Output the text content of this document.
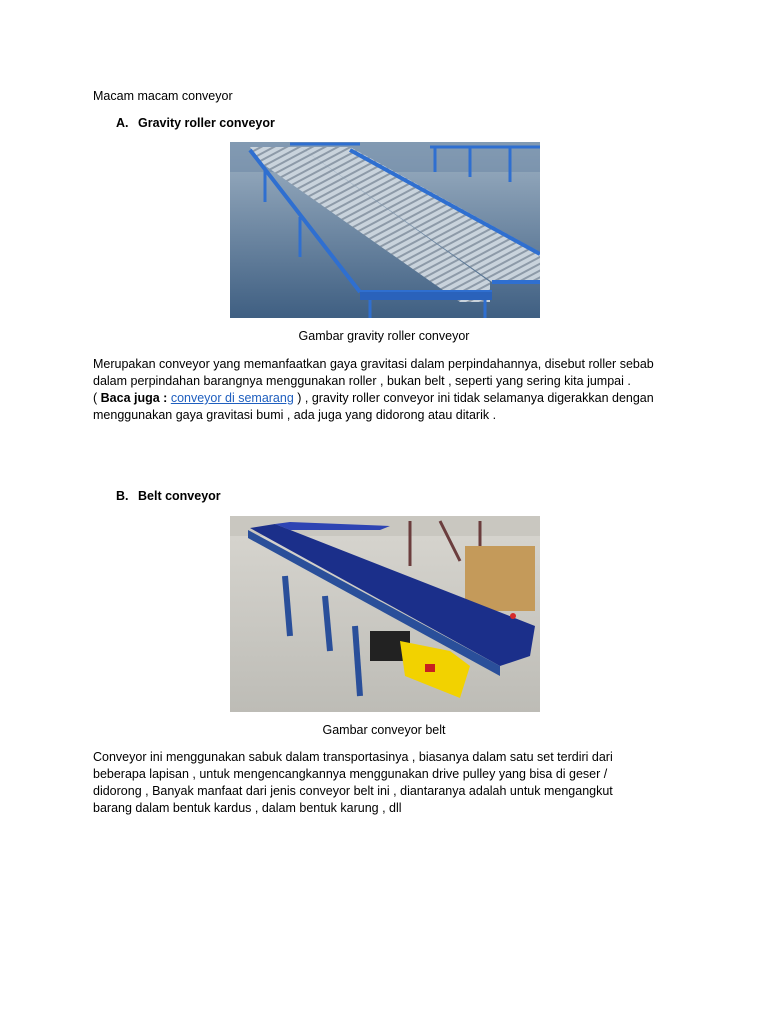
Macam macam conveyor
A. Gravity roller conveyor
Gambar gravity roller conveyor
Merupakan conveyor yang memanfaatkan gaya gravitasi dalam perpindahannya, disebut roller sebab
dalam perpindahan barangnya menggunakan roller , bukan belt , seperti yang sering kita jumpai .
( Baca juga : conveyor di semarang ) , gravity roller conveyor ini tidak selamanya digerakkan dengan
menggunakan gaya gravitasi bumi , ada juga yang didorong atau ditarik .
B. Belt conveyor
Gambar conveyor belt
Conveyor ini menggunakan sabuk dalam transportasinya , biasanya dalam satu set terdiri dari
beberapa lapisan , untuk mengencangkannya menggunakan drive pulley yang bisa di geser /
didorong , Banyak manfaat dari jenis conveyor belt ini , diantaranya adalah untuk mengangkut
barang dalam bentuk kardus , dalam bentuk karung , dll
